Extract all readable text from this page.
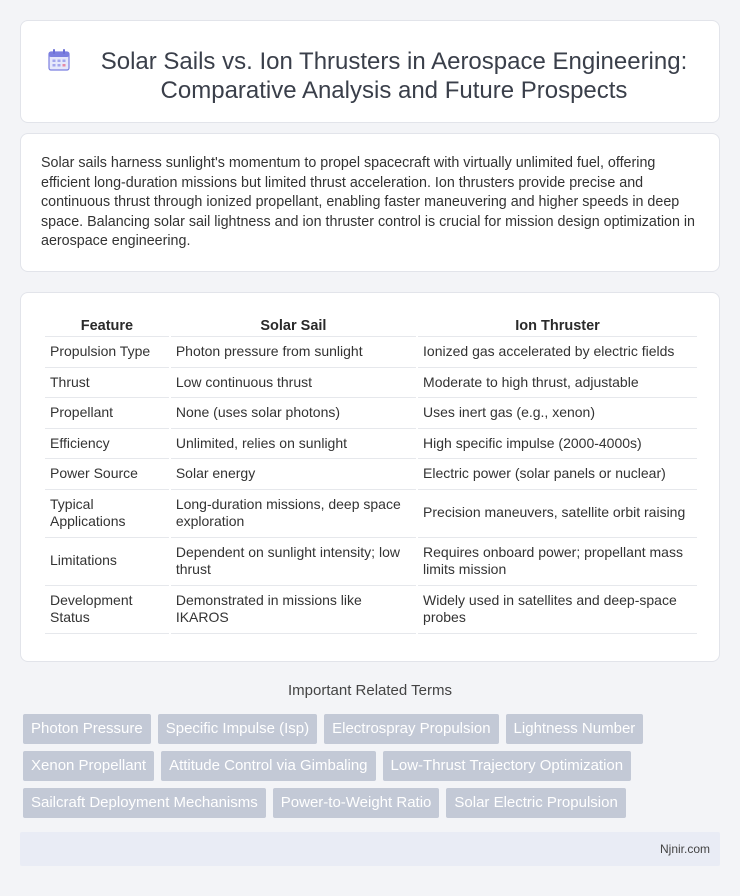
Solar Sails vs. Ion Thrusters in Aerospace Engineering: Comparative Analysis and Future Prospects

Solar sails harness sunlight's momentum to propel spacecraft with virtually unlimited fuel, offering efficient long-duration missions but limited thrust acceleration. Ion thrusters provide precise and continuous thrust through ionized propellant, enabling faster maneuvering and higher speeds in deep space. Balancing solar sail lightness and ion thruster control is crucial for mission design optimization in aerospace engineering.

Feature	Solar Sail	Ion Thruster
Propulsion Type	Photon pressure from sunlight	Ionized gas accelerated by electric fields
Thrust	Low continuous thrust	Moderate to high thrust, adjustable
Propellant	None (uses solar photons)	Uses inert gas (e.g., xenon)
Efficiency	Unlimited, relies on sunlight	High specific impulse (2000-4000s)
Power Source	Solar energy	Electric power (solar panels or nuclear)
Typical Applications	Long-duration missions, deep space exploration	Precision maneuvers, satellite orbit raising
Limitations	Dependent on sunlight intensity; low thrust	Requires onboard power; propellant mass limits mission
Development Status	Demonstrated in missions like IKAROS	Widely used in satellites and deep-space probes
Important Related Terms
Photon Pressure	Specific Impulse (Isp)	Electrospray Propulsion	Lightness Number
Xenon Propellant	Attitude Control via Gimbaling	Low-Thrust Trajectory Optimization
Sailcraft Deployment Mechanisms	Power-to-Weight Ratio	Solar Electric Propulsion
Njnir.com
